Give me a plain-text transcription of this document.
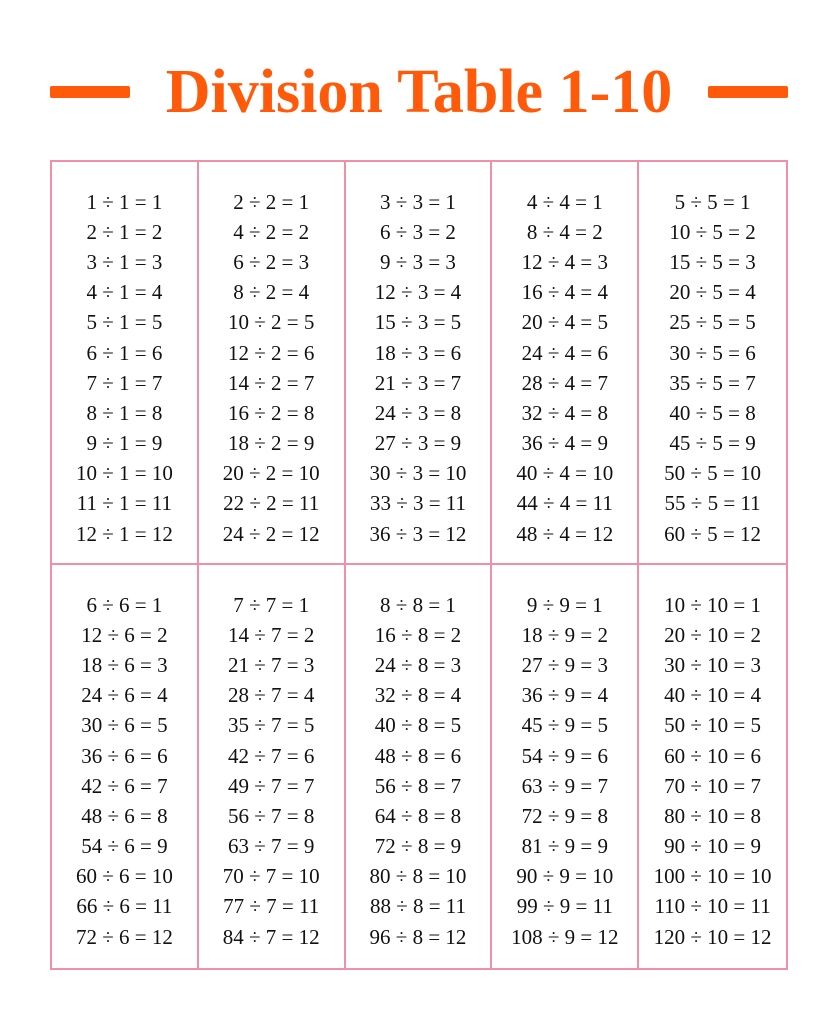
Division Table 1-10
1 ÷ 1 = 1
2 ÷ 1 = 2
3 ÷ 1 = 3
4 ÷ 1 = 4
5 ÷ 1 = 5
6 ÷ 1 = 6
7 ÷ 1 = 7
8 ÷ 1 = 8
9 ÷ 1 = 9
10 ÷ 1 = 10
11 ÷ 1 = 11
12 ÷ 1 = 12
2 ÷ 2 = 1
4 ÷ 2 = 2
6 ÷ 2 = 3
8 ÷ 2 = 4
10 ÷ 2 = 5
12 ÷ 2 = 6
14 ÷ 2 = 7
16 ÷ 2 = 8
18 ÷ 2 = 9
20 ÷ 2 = 10
22 ÷ 2 = 11
24 ÷ 2 = 12
3 ÷ 3 = 1
6 ÷ 3 = 2
9 ÷ 3 = 3
12 ÷ 3 = 4
15 ÷ 3 = 5
18 ÷ 3 = 6
21 ÷ 3 = 7
24 ÷ 3 = 8
27 ÷ 3 = 9
30 ÷ 3 = 10
33 ÷ 3 = 11
36 ÷ 3 = 12
4 ÷ 4 = 1
8 ÷ 4 = 2
12 ÷ 4 = 3
16 ÷ 4 = 4
20 ÷ 4 = 5
24 ÷ 4 = 6
28 ÷ 4 = 7
32 ÷ 4 = 8
36 ÷ 4 = 9
40 ÷ 4 = 10
44 ÷ 4 = 11
48 ÷ 4 = 12
5 ÷ 5 = 1
10 ÷ 5 = 2
15 ÷ 5 = 3
20 ÷ 5 = 4
25 ÷ 5 = 5
30 ÷ 5 = 6
35 ÷ 5 = 7
40 ÷ 5 = 8
45 ÷ 5 = 9
50 ÷ 5 = 10
55 ÷ 5 = 11
60 ÷ 5 = 12
6 ÷ 6 = 1
12 ÷ 6 = 2
18 ÷ 6 = 3
24 ÷ 6 = 4
30 ÷ 6 = 5
36 ÷ 6 = 6
42 ÷ 6 = 7
48 ÷ 6 = 8
54 ÷ 6 = 9
60 ÷ 6 = 10
66 ÷ 6 = 11
72 ÷ 6 = 12
7 ÷ 7 = 1
14 ÷ 7 = 2
21 ÷ 7 = 3
28 ÷ 7 = 4
35 ÷ 7 = 5
42 ÷ 7 = 6
49 ÷ 7 = 7
56 ÷ 7 = 8
63 ÷ 7 = 9
70 ÷ 7 = 10
77 ÷ 7 = 11
84 ÷ 7 = 12
8 ÷ 8 = 1
16 ÷ 8 = 2
24 ÷ 8 = 3
32 ÷ 8 = 4
40 ÷ 8 = 5
48 ÷ 8 = 6
56 ÷ 8 = 7
64 ÷ 8 = 8
72 ÷ 8 = 9
80 ÷ 8 = 10
88 ÷ 8 = 11
96 ÷ 8 = 12
9 ÷ 9 = 1
18 ÷ 9 = 2
27 ÷ 9 = 3
36 ÷ 9 = 4
45 ÷ 9 = 5
54 ÷ 9 = 6
63 ÷ 9 = 7
72 ÷ 9 = 8
81 ÷ 9 = 9
90 ÷ 9 = 10
99 ÷ 9 = 11
108 ÷ 9 = 12
10 ÷ 10 = 1
20 ÷ 10 = 2
30 ÷ 10 = 3
40 ÷ 10 = 4
50 ÷ 10 = 5
60 ÷ 10 = 6
70 ÷ 10 = 7
80 ÷ 10 = 8
90 ÷ 10 = 9
100 ÷ 10 = 10
110 ÷ 10 = 11
120 ÷ 10 = 12
